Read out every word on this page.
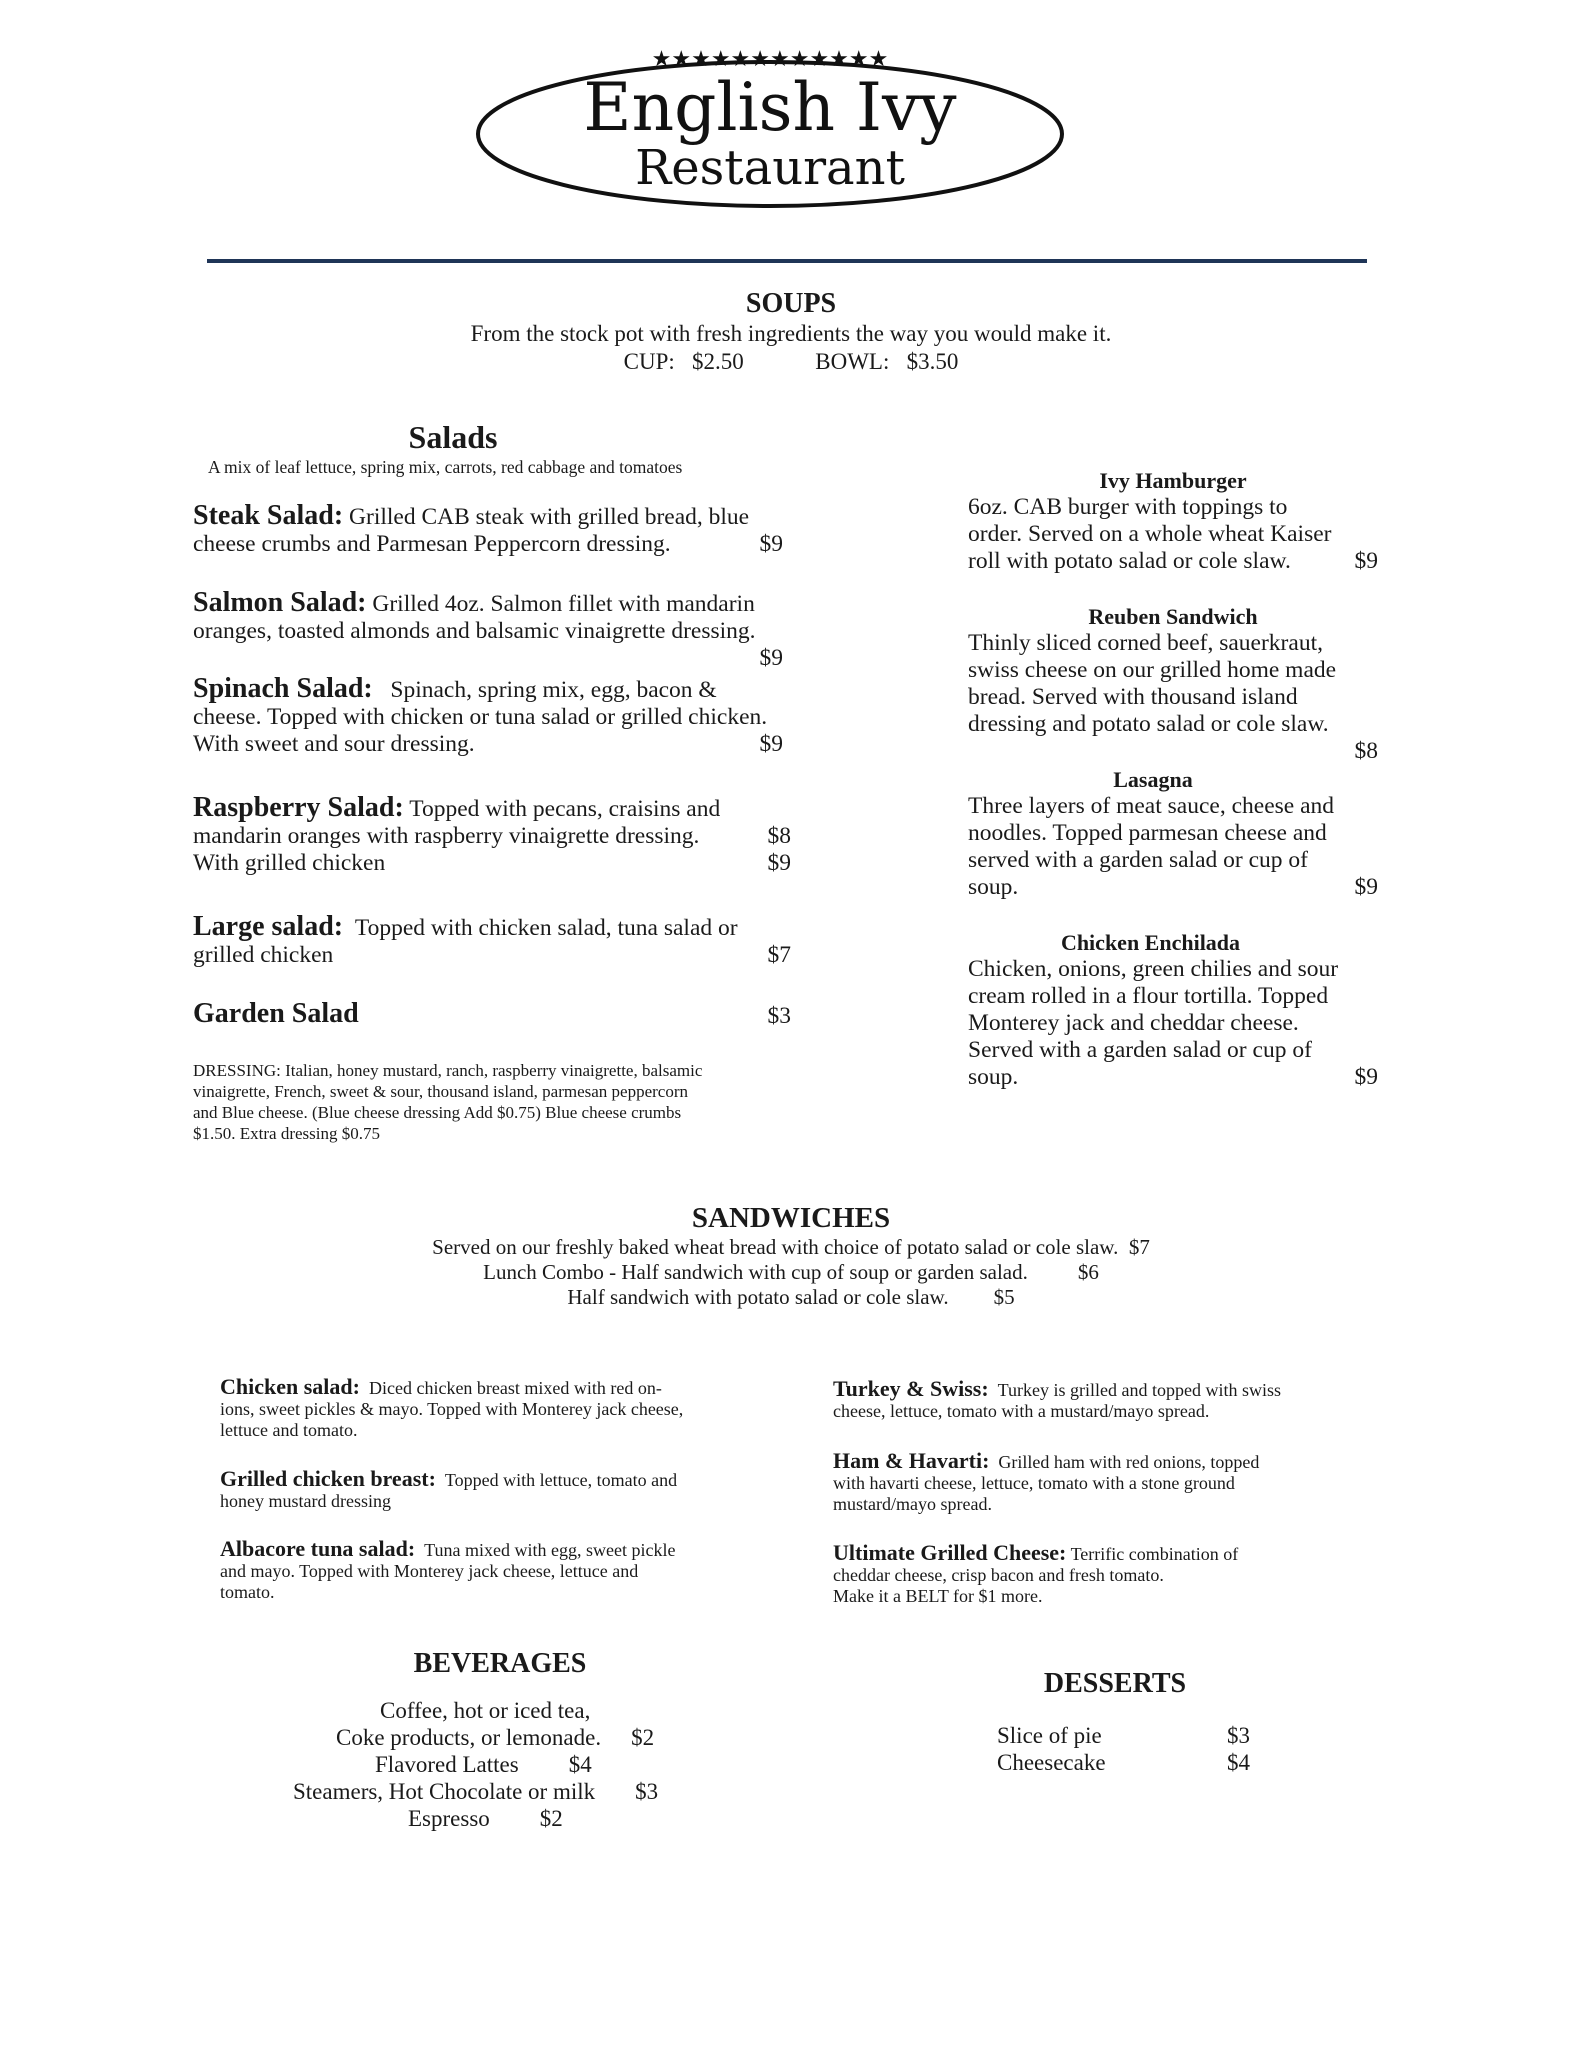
★★★★★★★★★★★★
English Ivy
Restaurant
SOUPS
From the stock pot with fresh ingredients the way you would make it.
CUP: $2.50	BOWL: $3.50
Salads
A mix of leaf lettuce, spring mix, carrots, red cabbage and tomatoes
Steak Salad: Grilled CAB steak with grilled bread, blue
cheese crumbs and Parmesan Peppercorn dressing.	$9
Salmon Salad: Grilled 4oz. Salmon fillet with mandarin
oranges, toasted almonds and balsamic vinaigrette dressing.

$9
Spinach Salad: Spinach, spring mix, egg, bacon &
cheese. Topped with chicken or tuna salad or grilled chicken.
With sweet and sour dressing.	$9
Raspberry Salad: Topped with pecans, craisins and
mandarin oranges with raspberry vinaigrette dressing.	$8

With grilled chicken	$9
Large salad: Topped with chicken salad, tuna salad or
grilled chicken	$7
Garden Salad	$3
DRESSING: Italian, honey mustard, ranch, raspberry vinaigrette, balsamic
vinaigrette, French, sweet & sour, thousand island, parmesan peppercorn
and Blue cheese. (Blue cheese dressing Add $0.75) Blue cheese crumbs
$1.50. Extra dressing $0.75
Ivy Hamburger
6oz. CAB burger with toppings to
order. Served on a whole wheat Kaiser
roll with potato salad or cole slaw.	$9
Reuben Sandwich
Thinly sliced corned beef, sauerkraut,
swiss cheese on our grilled home made
bread. Served with thousand island
dressing and potato salad or cole slaw.
$8
Lasagna
Three layers of meat sauce, cheese and
noodles. Topped parmesan cheese and
served with a garden salad or cup of
soup.	$9
Chicken Enchilada
Chicken, onions, green chilies and sour
cream rolled in a flour tortilla. Topped
Monterey jack and cheddar cheese.
Served with a garden salad or cup of
soup.	$9
SANDWICHES
Served on our freshly baked wheat bread with choice of potato salad or cole slaw. $7
Lunch Combo - Half sandwich with cup of soup or garden salad. $6
Half sandwich with potato salad or cole slaw. $5
Chicken salad: Diced chicken breast mixed with red on-
ions, sweet pickles & mayo. Topped with Monterey jack cheese,
lettuce and tomato.
Grilled chicken breast: Topped with lettuce, tomato and
honey mustard dressing
Albacore tuna salad: Tuna mixed with egg, sweet pickle
and mayo. Topped with Monterey jack cheese, lettuce and
tomato.
Turkey & Swiss: Turkey is grilled and topped with swiss
cheese, lettuce, tomato with a mustard/mayo spread.
Ham & Havarti: Grilled ham with red onions, topped
with havarti cheese, lettuce, tomato with a stone ground
mustard/mayo spread.
Ultimate Grilled Cheese: Terrific combination of
cheddar cheese, crisp bacon and fresh tomato.
Make it a BELT for $1 more.
BEVERAGES
Coffee, hot or iced tea,
Coke products, or lemonade. $2
Flavored Lattes $4
Steamers, Hot Chocolate or milk $3
Espresso $2
DESSERTS
Slice of pie	$3
Cheesecake	$4
